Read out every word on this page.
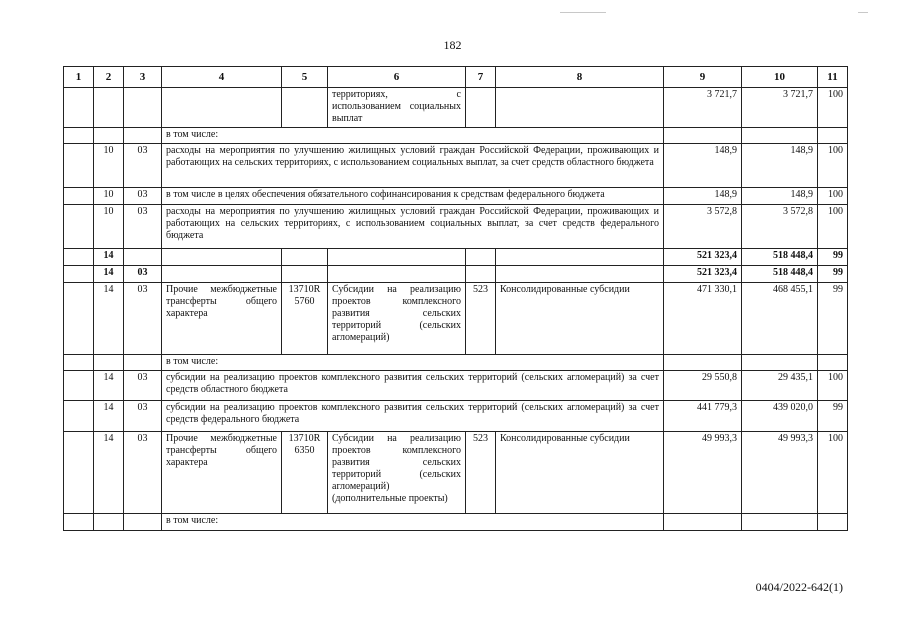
182
1	2	3	4	5	6	7	8	9	10	11
					территориях, с использованием социальных выплат			3 721,7	3 721,7	100
			в том числе:							
	10	03	расходы на мероприятия по улучшению жилищных условий граждан Российской Федерации, проживающих и работающих на сельских территориях, с использованием социальных выплат, за счет средств областного бюджета					148,9	148,9	100
	10	03	в том числе в целях обеспечения обязательного софинансирования к средствам федерального бюджета					148,9	148,9	100
	10	03	расходы на мероприятия по улучшению жилищных условий граждан Российской Федерации, проживающих и работающих на сельских территориях, с использованием социальных выплат, за счет средств федерального бюджета					3 572,8	3 572,8	100
	14							521 323,4	518 448,4	99
	14	03						521 323,4	518 448,4	99
	14	03	Прочие межбюджетные трансферты общего характера	13710R 5760	Субсидии на реализацию проектов комплексного развития сельских территорий (сельских агломераций)	523	Консолидированные субсидии	471 330,1	468 455,1	99
			в том числе:							
	14	03	субсидии на реализацию проектов комплексного развития сельских территорий (сельских агломераций) за счет средств областного бюджета					29 550,8	29 435,1	100
	14	03	субсидии на реализацию проектов комплексного развития сельских территорий (сельских агломераций) за счет средств федерального бюджета					441 779,3	439 020,0	99
	14	03	Прочие межбюджетные трансферты общего характера	13710R 6350	Субсидии на реализацию проектов комплексного развития сельских территорий (сельских агломераций) (дополнительные проекты)	523	Консолидированные субсидии	49 993,3	49 993,3	100
			в том числе:							
0404/2022-642(1)
